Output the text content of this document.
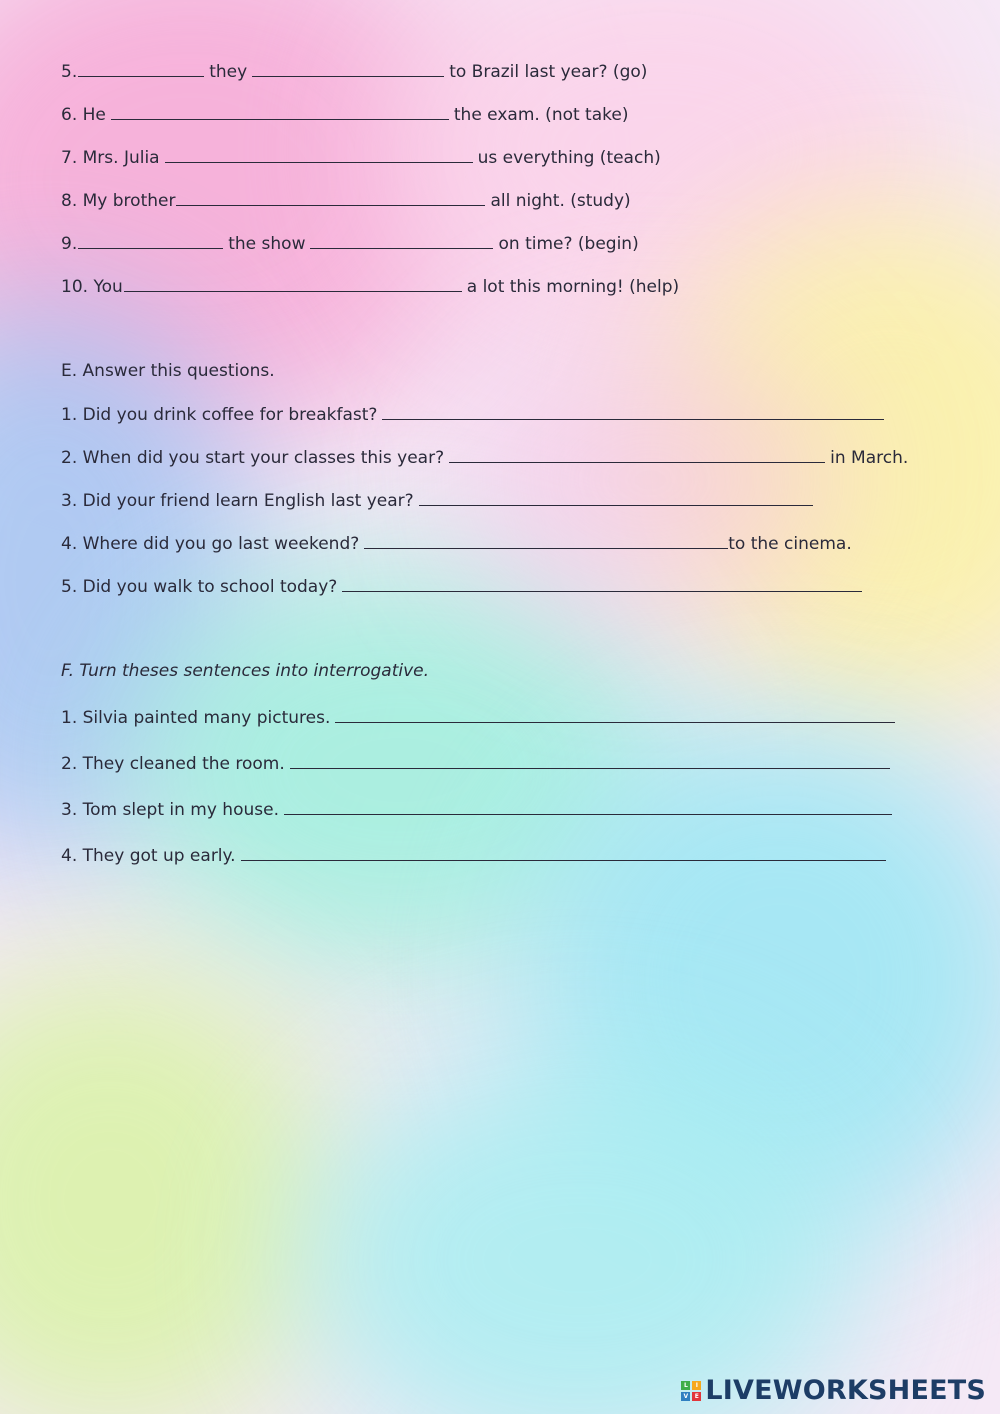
5.	they	to Brazil last year? (go)
6. He	the exam. (not take)
7. Mrs. Julia	us everything (teach)
8. My brother	all night. (study)
9.	the show	on time? (begin)
10. You	a lot this morning! (help)
E. Answer this questions.
1. Did you drink coffee for breakfast?
2. When did you start your classes this year?	in March.
3. Did your friend learn English last year?
4. Where did you go last weekend?	to the cinema.
5. Did you walk to school today?
F. Turn theses sentences into interrogative.
1. Silvia painted many pictures.
2. They cleaned the room.
3. Tom slept in my house.
4. They got up early.
L	I
V	E LIVEWORKSHEETS
